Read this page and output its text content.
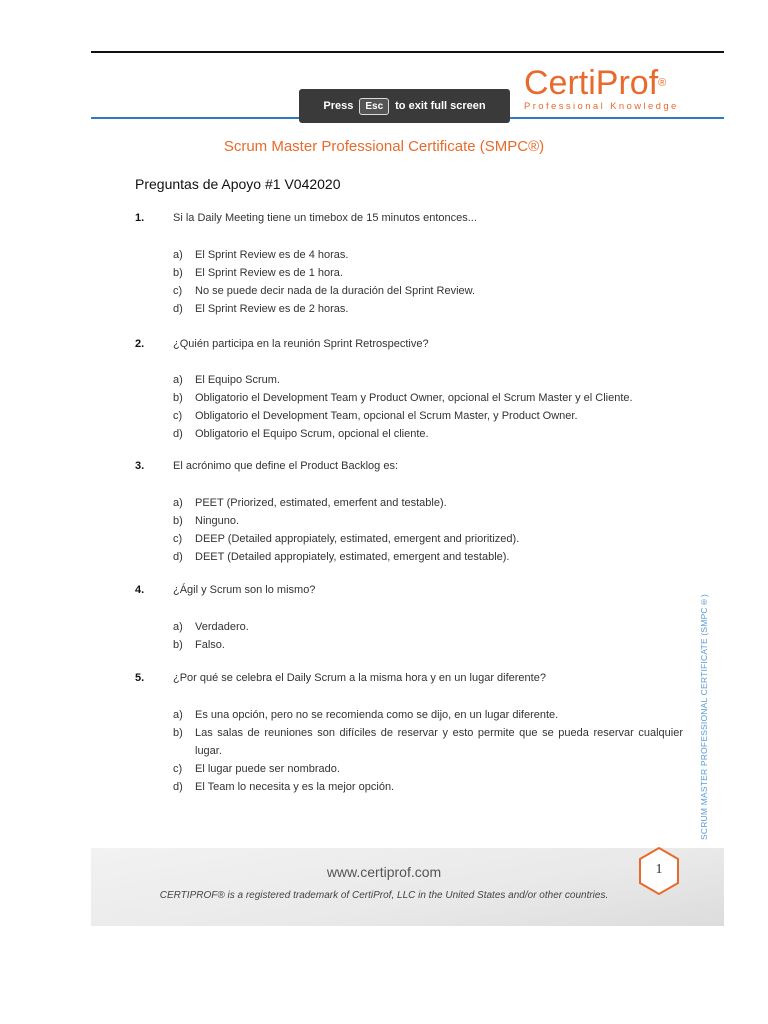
CertiProf®
Professional Knowledge
Press	Esc	to exit full screen
Scrum Master Professional Certificate (SMPC®)
Preguntas de Apoyo #1 V042020
1.	Si la Daily Meeting tiene un timebox de 15 minutos entonces...
a)	El Sprint Review es de 4 horas.
b)	El Sprint Review es de 1 hora.
c)	No se puede decir nada de la duración del Sprint Review.
d)	El Sprint Review es de 2 horas.
2.	¿Quién participa en la reunión Sprint Retrospective?
a)	El Equipo Scrum.
b)	Obligatorio el Development Team y Product Owner, opcional el Scrum Master y el Cliente.
c)	Obligatorio el Development Team, opcional el Scrum Master, y Product Owner.
d)	Obligatorio el Equipo Scrum, opcional el cliente.
3.	El acrónimo que define el Product Backlog es:
a)	PEET (Priorized, estimated, emerfent and testable).
b)	Ninguno.
c)	DEEP (Detailed appropiately, estimated, emergent and prioritized).
d)	DEET (Detailed appropiately, estimated, emergent and testable).
4.	¿Ágil y Scrum son lo mismo?
a)	Verdadero.
b)	Falso.
5.	¿Por qué se celebra el Daily Scrum a la misma hora y en un lugar diferente?
a)	Es una opción, pero no se recomienda como se dijo, en un lugar diferente.
b)	Las salas de reuniones son difíciles de reservar y esto permite que se pueda reservar cualquier lugar.
c)	El lugar puede ser nombrado.
d)	El Team lo necesita y es la mejor opción.	SCRUM MASTER PROFESSIONAL CERTIFICATE (SMPC®)
1
www.certiprof.com
CERTIPROF® is a registered trademark of CertiProf, LLC in the United States and/or other countries.
